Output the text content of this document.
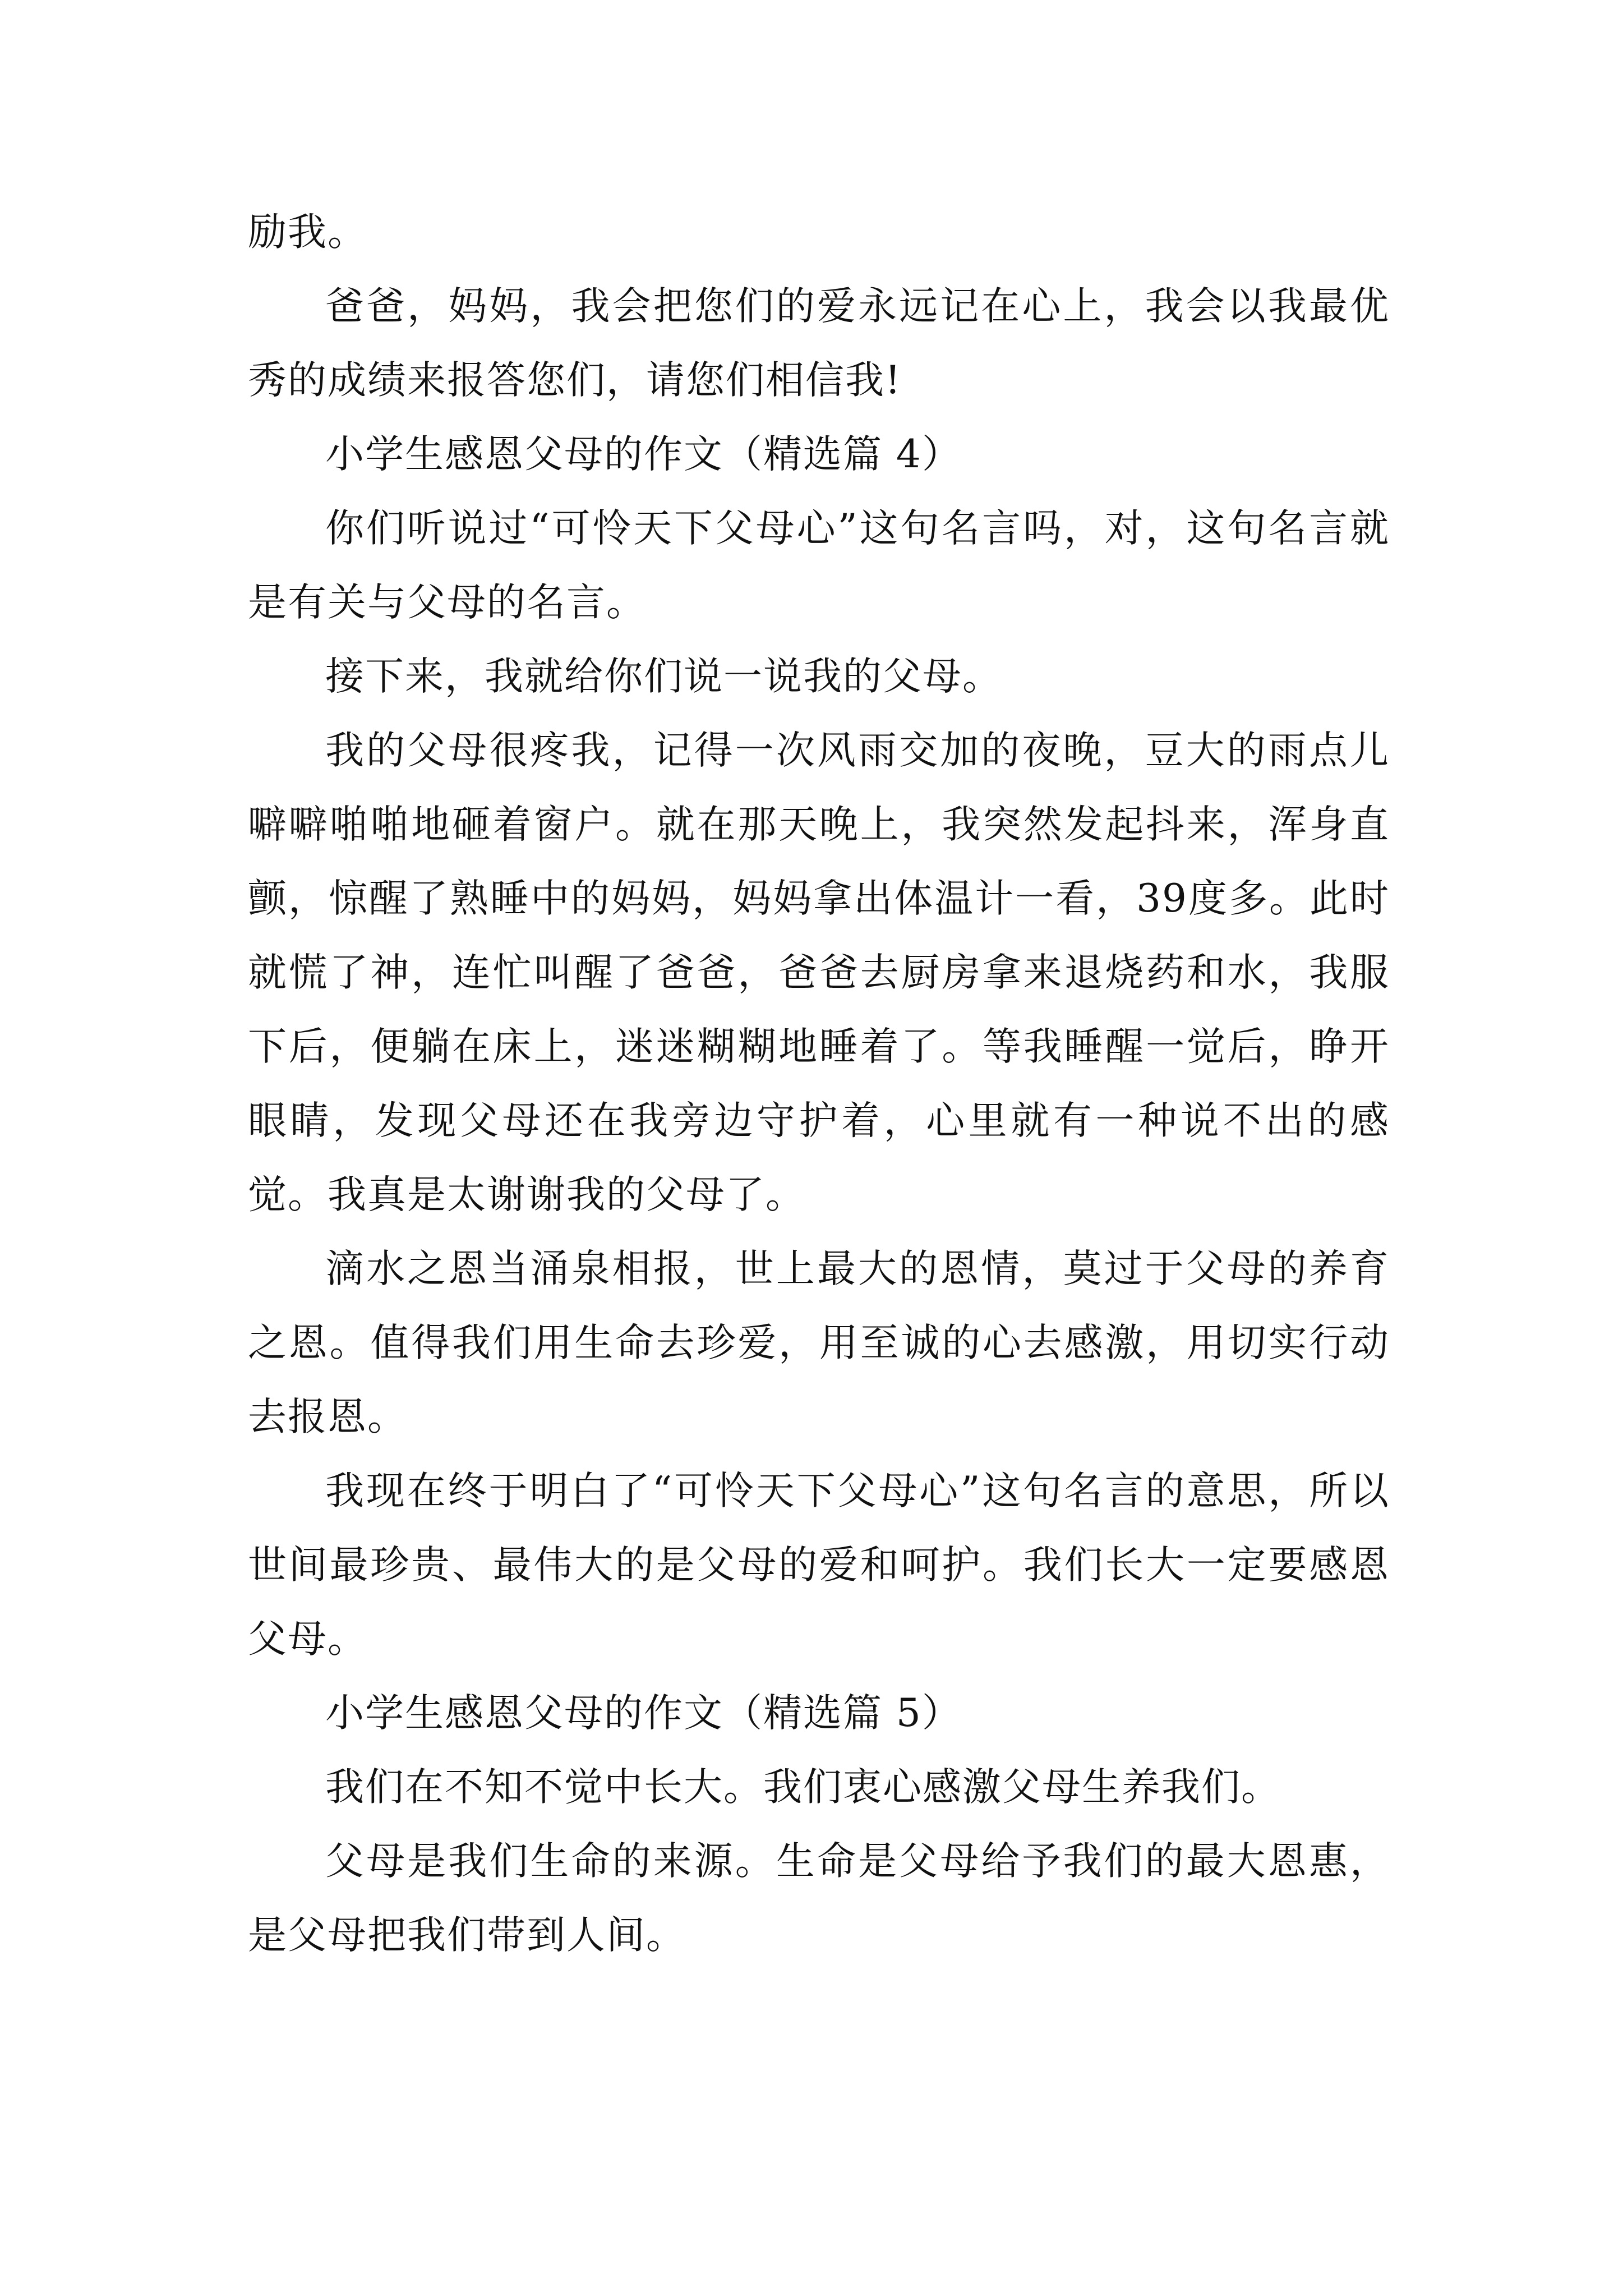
励我。

爸爸，妈妈，我会把您们的爱永远记在心上，我会以我最优秀的成绩来报答您们，请您们相信我!

小学生感恩父母的作文（精选篇 4）

你们听说过“可怜天下父母心”这句名言吗，对，这句名言就是有关与父母的名言。

接下来，我就给你们说一说我的父母。

我的父母很疼我，记得一次风雨交加的夜晚，豆大的雨点儿噼噼啪啪地砸着窗户。就在那天晚上，我突然发起抖来，浑身直颤，惊醒了熟睡中的妈妈，妈妈拿出体温计一看，39度多。此时就慌了神，连忙叫醒了爸爸，爸爸去厨房拿来退烧药和水，我服下后，便躺在床上，迷迷糊糊地睡着了。等我睡醒一觉后，睁开眼睛，发现父母还在我旁边守护着，心里就有一种说不出的感觉。我真是太谢谢我的父母了。

滴水之恩当涌泉相报，世上最大的恩情，莫过于父母的养育之恩。值得我们用生命去珍爱，用至诚的心去感激，用切实行动去报恩。

我现在终于明白了“可怜天下父母心”这句名言的意思，所以世间最珍贵、最伟大的是父母的爱和呵护。我们长大一定要感恩父母。

小学生感恩父母的作文（精选篇 5）

我们在不知不觉中长大。我们衷心感激父母生养我们。

父母是我们生命的来源。生命是父母给予我们的最大恩惠，是父母把我们带到人间。
